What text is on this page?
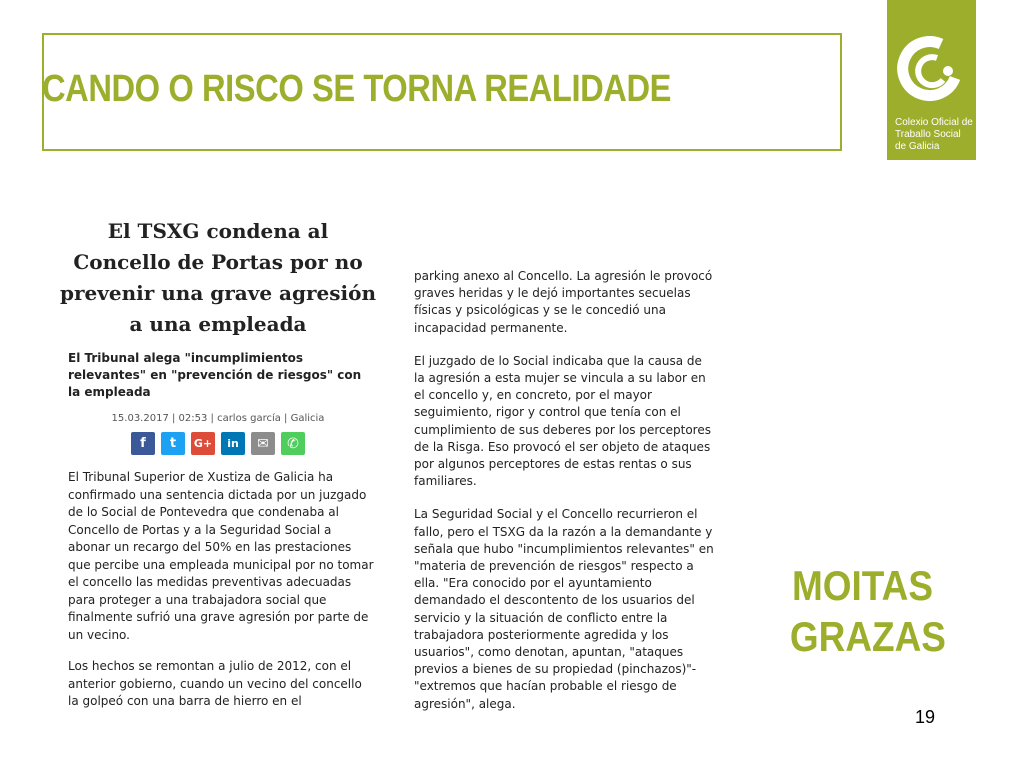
CANDO O RISCO SE TORNA REALIDADE
Colexio Oficial de
Traballo Social
de Galicia
El TSXG condena al Concello de Portas por no prevenir una grave agresión a una empleada
El Tribunal alega "incumplimientos relevantes" en "prevención de riesgos" con la empleada
15.03.2017 | 02:53 | carlos garcía | Galicia
f	t	G+	in	✉	✆
El Tribunal Superior de Xustiza de Galicia ha confirmado una sentencia dictada por un juzgado de lo Social de Pontevedra que condenaba al Concello de Portas y a la Seguridad Social a abonar un recargo del 50% en las prestaciones que percibe una empleada municipal por no tomar el concello las medidas preventivas adecuadas para proteger a una trabajadora social que finalmente sufrió una grave agresión por parte de un vecino.
Los hechos se remontan a julio de 2012, con el anterior gobierno, cuando un vecino del concello la golpeó con una barra de hierro en el
parking anexo al Concello. La agresión le provocó graves heridas y le dejó importantes secuelas físicas y psicológicas y se le concedió una incapacidad permanente.
El juzgado de lo Social indicaba que la causa de la agresión a esta mujer se vincula a su labor en el concello y, en concreto, por el mayor seguimiento, rigor y control que tenía con el cumplimiento de sus deberes por los perceptores de la Risga. Eso provocó el ser objeto de ataques por algunos perceptores de estas rentas o sus familiares.
La Seguridad Social y el Concello recurrieron el fallo, pero el TSXG da la razón a la demandante y señala que hubo "incumplimientos relevantes" en "materia de prevención de riesgos" respecto a ella. "Era conocido por el ayuntamiento demandado el descontento de los usuarios del servicio y la situación de conflicto entre la trabajadora posteriormente agredida y los usuarios", como denotan, apuntan, "ataques previos a bienes de su propiedad (pinchazos)"- "extremos que hacían probable el riesgo de agresión", alega.
MOITAS
GRAZAS
19
